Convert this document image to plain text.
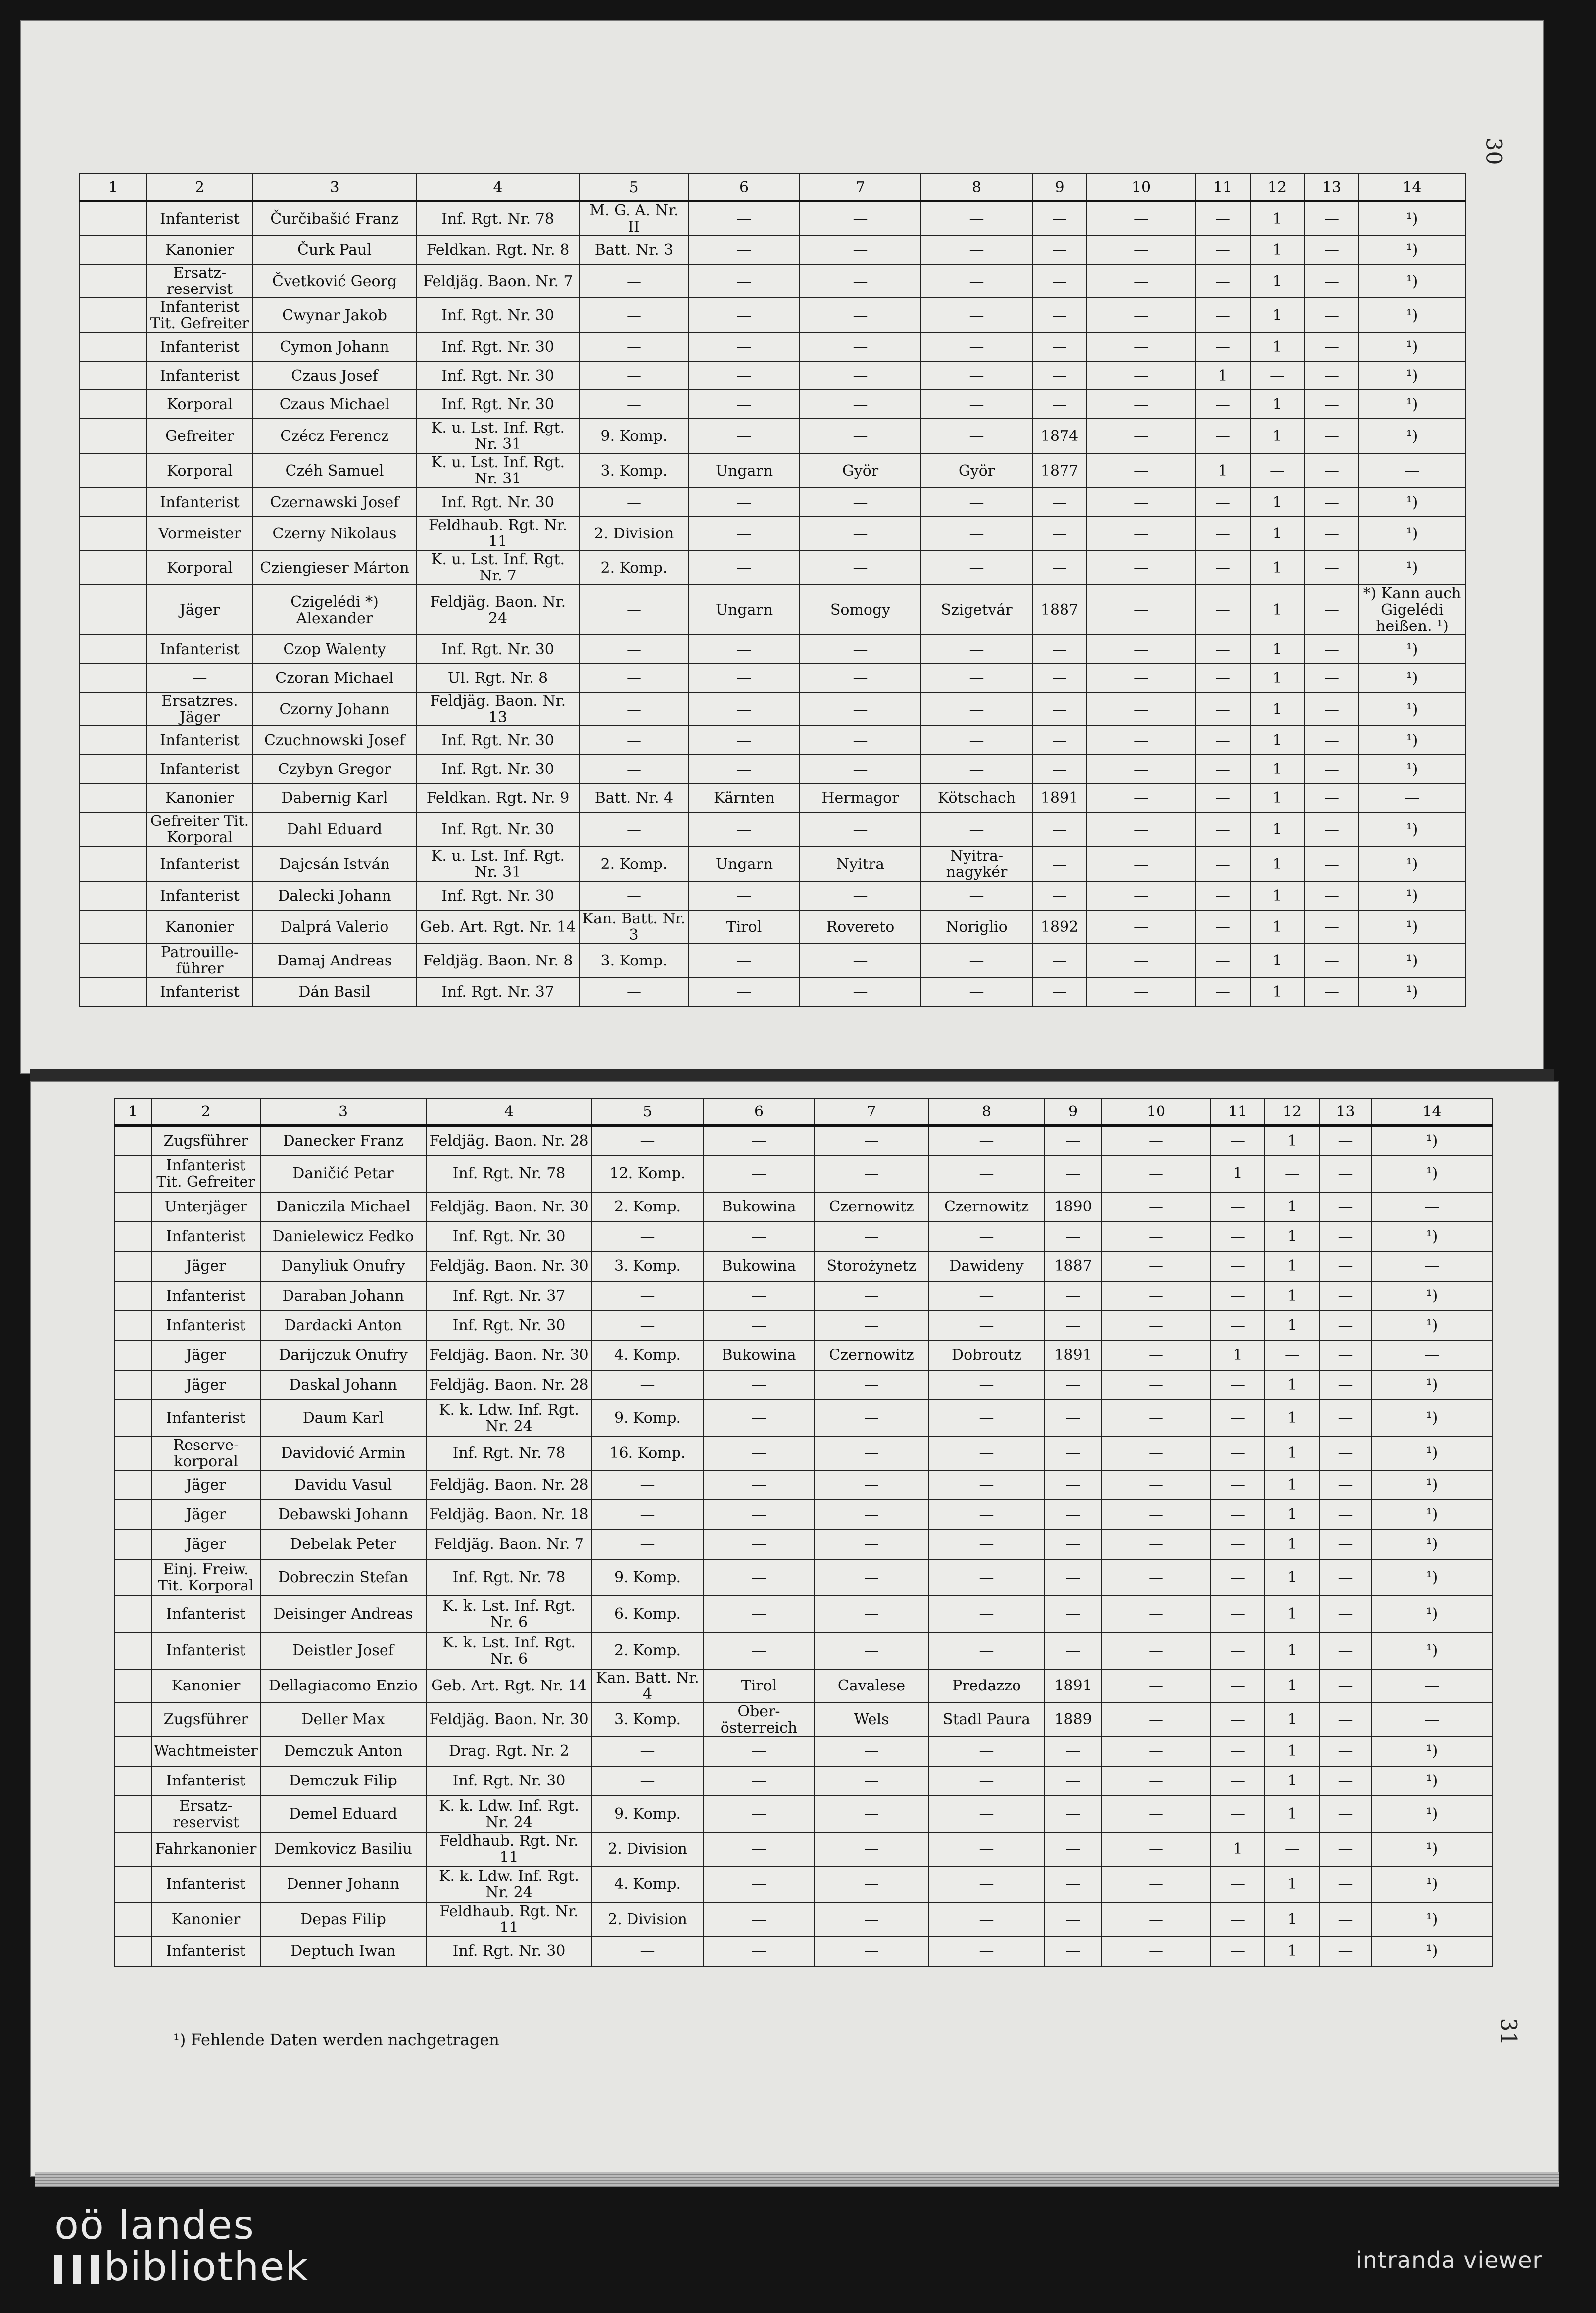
30
31
1	2	3	4	5	6	7	8	9	10	11	12	13	14
	Infanterist	Čurčibašić Franz	Inf. Rgt. Nr. 78	M. G. A. Nr. II	—	—	—	—	—	—	1	—	¹)
	Kanonier	Čurk Paul	Feldkan. Rgt. Nr. 8	Batt. Nr. 3	—	—	—	—	—	—	1	—	¹)
	Ersatz-reservist	Čvetković Georg	Feldjäg. Baon. Nr. 7	—	—	—	—	—	—	—	1	—	¹)
	Infanterist Tit. Gefreiter	Cwynar Jakob	Inf. Rgt. Nr. 30	—	—	—	—	—	—	—	1	—	¹)
	Infanterist	Cymon Johann	Inf. Rgt. Nr. 30	—	—	—	—	—	—	—	1	—	¹)
	Infanterist	Czaus Josef	Inf. Rgt. Nr. 30	—	—	—	—	—	—	1	—	—	¹)
	Korporal	Czaus Michael	Inf. Rgt. Nr. 30	—	—	—	—	—	—	—	1	—	¹)
	Gefreiter	Czécz Ferencz	K. u. Lst. Inf. Rgt. Nr. 31	9. Komp.	—	—	—	1874	—	—	1	—	¹)
	Korporal	Czéh Samuel	K. u. Lst. Inf. Rgt. Nr. 31	3. Komp.	Ungarn	Györ	Györ	1877	—	1	—	—	—
	Infanterist	Czernawski Josef	Inf. Rgt. Nr. 30	—	—	—	—	—	—	—	1	—	¹)
	Vormeister	Czerny Nikolaus	Feldhaub. Rgt. Nr. 11	2. Division	—	—	—	—	—	—	1	—	¹)
	Korporal	Cziengieser Márton	K. u. Lst. Inf. Rgt. Nr. 7	2. Komp.	—	—	—	—	—	—	1	—	¹)
	Jäger	Czigelédi *) Alexander	Feldjäg. Baon. Nr. 24	—	Ungarn	Somogy	Szigetvár	1887	—	—	1	—	*) Kann auch Gigelédi heißen. ¹)
	Infanterist	Czop Walenty	Inf. Rgt. Nr. 30	—	—	—	—	—	—	—	1	—	¹)
	—	Czoran Michael	Ul. Rgt. Nr. 8	—	—	—	—	—	—	—	1	—	¹)
	Ersatzres. Jäger	Czorny Johann	Feldjäg. Baon. Nr. 13	—	—	—	—	—	—	—	1	—	¹)
	Infanterist	Czuchnowski Josef	Inf. Rgt. Nr. 30	—	—	—	—	—	—	—	1	—	¹)
	Infanterist	Czybyn Gregor	Inf. Rgt. Nr. 30	—	—	—	—	—	—	—	1	—	¹)
	Kanonier	Dabernig Karl	Feldkan. Rgt. Nr. 9	Batt. Nr. 4	Kärnten	Hermagor	Kötschach	1891	—	—	1	—	—
	Gefreiter Tit. Korporal	Dahl Eduard	Inf. Rgt. Nr. 30	—	—	—	—	—	—	—	1	—	¹)
	Infanterist	Dajcsán István	K. u. Lst. Inf. Rgt. Nr. 31	2. Komp.	Ungarn	Nyitra	Nyitra-nagykér	—	—	—	1	—	¹)
	Infanterist	Dalecki Johann	Inf. Rgt. Nr. 30	—	—	—	—	—	—	—	1	—	¹)
	Kanonier	Dalprá Valerio	Geb. Art. Rgt. Nr. 14	Kan. Batt. Nr. 3	Tirol	Rovereto	Noriglio	1892	—	—	1	—	¹)
	Patrouille-führer	Damaj Andreas	Feldjäg. Baon. Nr. 8	3. Komp.	—	—	—	—	—	—	1	—	¹)
	Infanterist	Dán Basil	Inf. Rgt. Nr. 37	—	—	—	—	—	—	—	1	—	¹)
1	2	3	4	5	6	7	8	9	10	11	12	13	14
	Zugsführer	Danecker Franz	Feldjäg. Baon. Nr. 28	—	—	—	—	—	—	—	1	—	¹)
	Infanterist Tit. Gefreiter	Daničić Petar	Inf. Rgt. Nr. 78	12. Komp.	—	—	—	—	—	1	—	—	¹)
	Unterjäger	Daniczila Michael	Feldjäg. Baon. Nr. 30	2. Komp.	Bukowina	Czernowitz	Czernowitz	1890	—	—	1	—	—
	Infanterist	Danielewicz Fedko	Inf. Rgt. Nr. 30	—	—	—	—	—	—	—	1	—	¹)
	Jäger	Danyliuk Onufry	Feldjäg. Baon. Nr. 30	3. Komp.	Bukowina	Storożynetz	Dawideny	1887	—	—	1	—	—
	Infanterist	Daraban Johann	Inf. Rgt. Nr. 37	—	—	—	—	—	—	—	1	—	¹)
	Infanterist	Dardacki Anton	Inf. Rgt. Nr. 30	—	—	—	—	—	—	—	1	—	¹)
	Jäger	Darijczuk Onufry	Feldjäg. Baon. Nr. 30	4. Komp.	Bukowina	Czernowitz	Dobroutz	1891	—	1	—	—	—
	Jäger	Daskal Johann	Feldjäg. Baon. Nr. 28	—	—	—	—	—	—	—	1	—	¹)
	Infanterist	Daum Karl	K. k. Ldw. Inf. Rgt. Nr. 24	9. Komp.	—	—	—	—	—	—	1	—	¹)
	Reserve-korporal	Davidović Armin	Inf. Rgt. Nr. 78	16. Komp.	—	—	—	—	—	—	1	—	¹)
	Jäger	Davidu Vasul	Feldjäg. Baon. Nr. 28	—	—	—	—	—	—	—	1	—	¹)
	Jäger	Debawski Johann	Feldjäg. Baon. Nr. 18	—	—	—	—	—	—	—	1	—	¹)
	Jäger	Debelak Peter	Feldjäg. Baon. Nr. 7	—	—	—	—	—	—	—	1	—	¹)
	Einj. Freiw. Tit. Korporal	Dobreczin Stefan	Inf. Rgt. Nr. 78	9. Komp.	—	—	—	—	—	—	1	—	¹)
	Infanterist	Deisinger Andreas	K. k. Lst. Inf. Rgt. Nr. 6	6. Komp.	—	—	—	—	—	—	1	—	¹)
	Infanterist	Deistler Josef	K. k. Lst. Inf. Rgt. Nr. 6	2. Komp.	—	—	—	—	—	—	1	—	¹)
	Kanonier	Dellagiacomo Enzio	Geb. Art. Rgt. Nr. 14	Kan. Batt. Nr. 4	Tirol	Cavalese	Predazzo	1891	—	—	1	—	—
	Zugsführer	Deller Max	Feldjäg. Baon. Nr. 30	3. Komp.	Ober-österreich	Wels	Stadl Paura	1889	—	—	1	—	—
	Wachtmeister	Demczuk Anton	Drag. Rgt. Nr. 2	—	—	—	—	—	—	—	1	—	¹)
	Infanterist	Demczuk Filip	Inf. Rgt. Nr. 30	—	—	—	—	—	—	—	1	—	¹)
	Ersatz-reservist	Demel Eduard	K. k. Ldw. Inf. Rgt. Nr. 24	9. Komp.	—	—	—	—	—	—	1	—	¹)
	Fahrkanonier	Demkovicz Basiliu	Feldhaub. Rgt. Nr. 11	2. Division	—	—	—	—	—	1	—	—	¹)
	Infanterist	Denner Johann	K. k. Ldw. Inf. Rgt. Nr. 24	4. Komp.	—	—	—	—	—	—	1	—	¹)
	Kanonier	Depas Filip	Feldhaub. Rgt. Nr. 11	2. Division	—	—	—	—	—	—	1	—	¹)
	Infanterist	Deptuch Iwan	Inf. Rgt. Nr. 30	—	—	—	—	—	—	—	1	—	¹)
¹) Fehlende Daten werden nachgetragen
oö landes
bibliothek	intranda viewer
